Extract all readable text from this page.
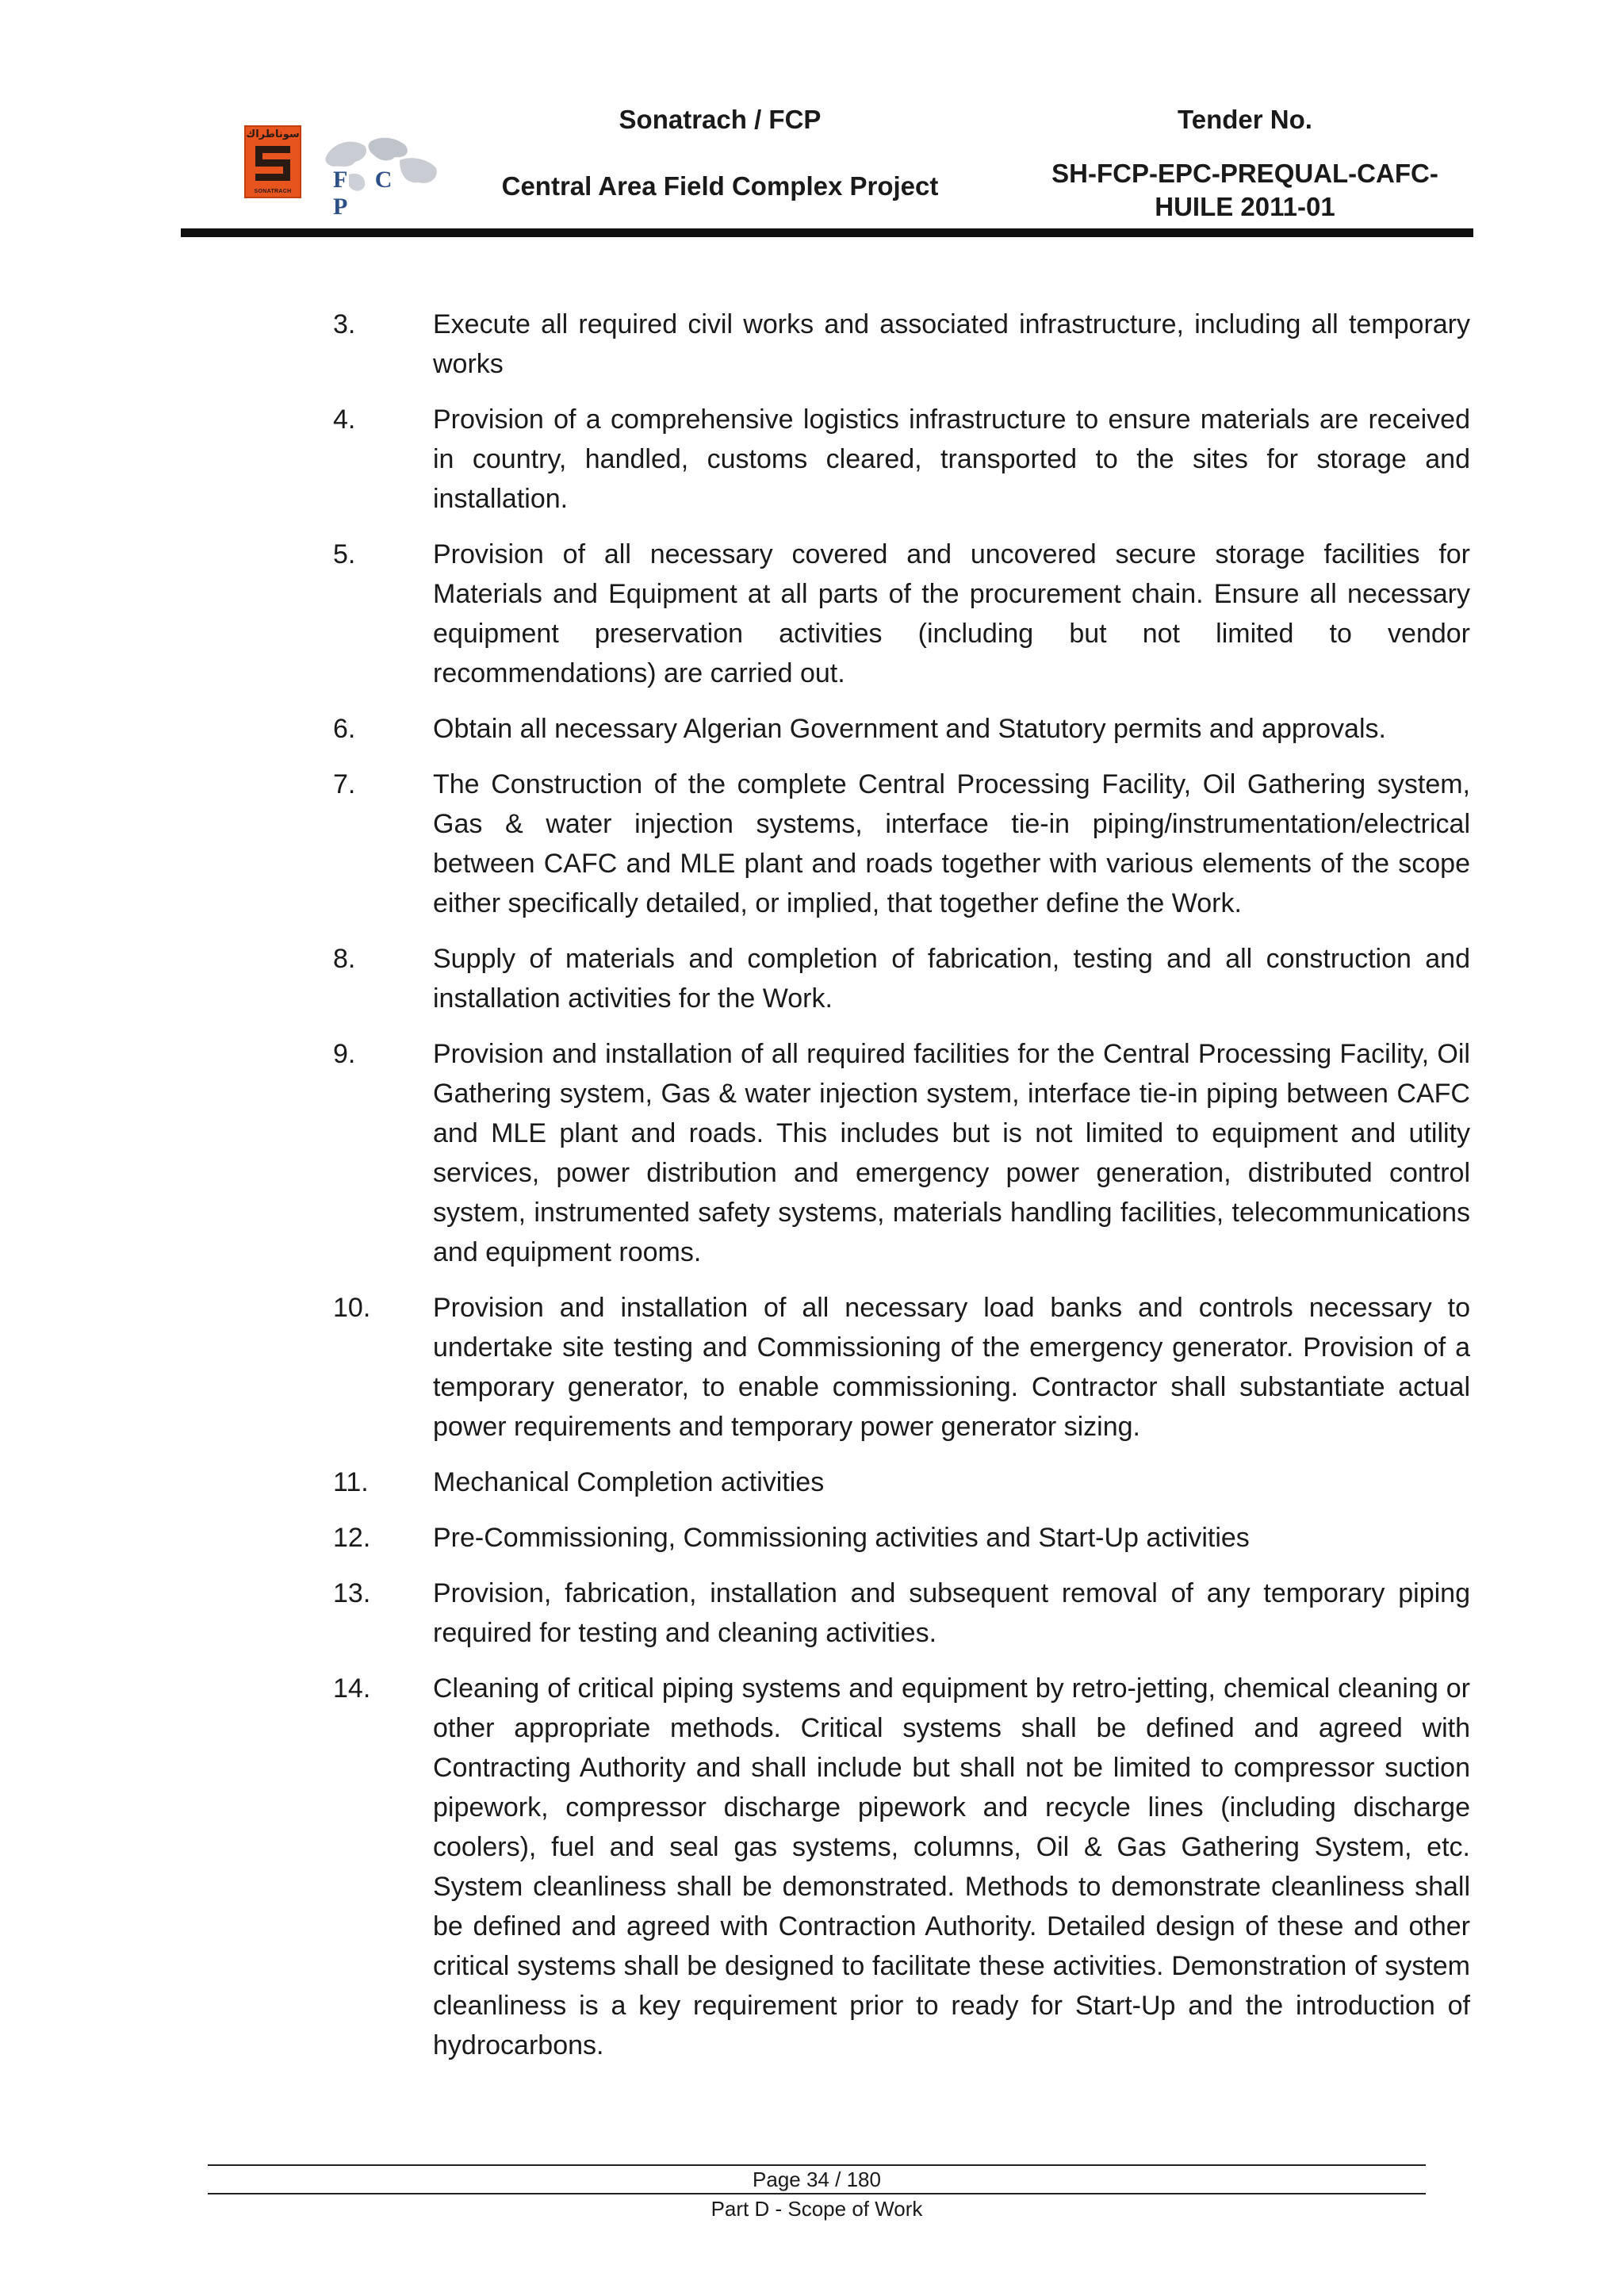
سوناطراك
SONATRACH	F C P
Sonatrach / FCP
Central Area Field Complex Project
Tender No.
SH-FCP-EPC-PREQUAL-CAFC-HUILE 2011-01
3.	Execute all required civil works and associated infrastructure, including all temporary works
4.	Provision of a comprehensive logistics infrastructure to ensure materials are received in country, handled, customs cleared, transported to the sites for storage and installation.
5.	Provision of all necessary covered and uncovered secure storage facilities for Materials and Equipment at all parts of the procurement chain. Ensure all necessary equipment preservation activities (including but not limited to vendor recommendations) are carried out.
6.	Obtain all necessary Algerian Government and Statutory permits and approvals.
7.	The Construction of the complete Central Processing Facility, Oil Gathering system, Gas & water injection systems, interface tie-in piping/instrumentation/electrical between CAFC and MLE plant and roads together with various elements of the scope either specifically detailed, or implied, that together define the Work.
8.	Supply of materials and completion of fabrication, testing and all construction and installation activities for the Work.
9.	Provision and installation of all required facilities for the Central Processing Facility, Oil Gathering system, Gas & water injection system, interface tie-in piping between CAFC and MLE plant and roads. This includes but is not limited to equipment and utility services, power distribution and emergency power generation, distributed control system, instrumented safety systems, materials handling facilities, telecommunications and equipment rooms.
10.	Provision and installation of all necessary load banks and controls necessary to undertake site testing and Commissioning of the emergency generator. Provision of a temporary generator, to enable commissioning. Contractor shall substantiate actual power requirements and temporary power generator sizing.
11.	Mechanical Completion activities
12.	Pre-Commissioning, Commissioning activities and Start-Up activities
13.	Provision, fabrication, installation and subsequent removal of any temporary piping required for testing and cleaning activities.
14.	Cleaning of critical piping systems and equipment by retro-jetting, chemical cleaning or other appropriate methods. Critical systems shall be defined and agreed with Contracting Authority and shall include but shall not be limited to compressor suction pipework, compressor discharge pipework and recycle lines (including discharge coolers), fuel and seal gas systems, columns, Oil & Gas Gathering System, etc. System cleanliness shall be demonstrated. Methods to demonstrate cleanliness shall be defined and agreed with Contraction Authority. Detailed design of these and other critical systems shall be designed to facilitate these activities. Demonstration of system cleanliness is a key requirement prior to ready for Start-Up and the introduction of hydrocarbons.
Page 34 / 180
Part D - Scope of Work
